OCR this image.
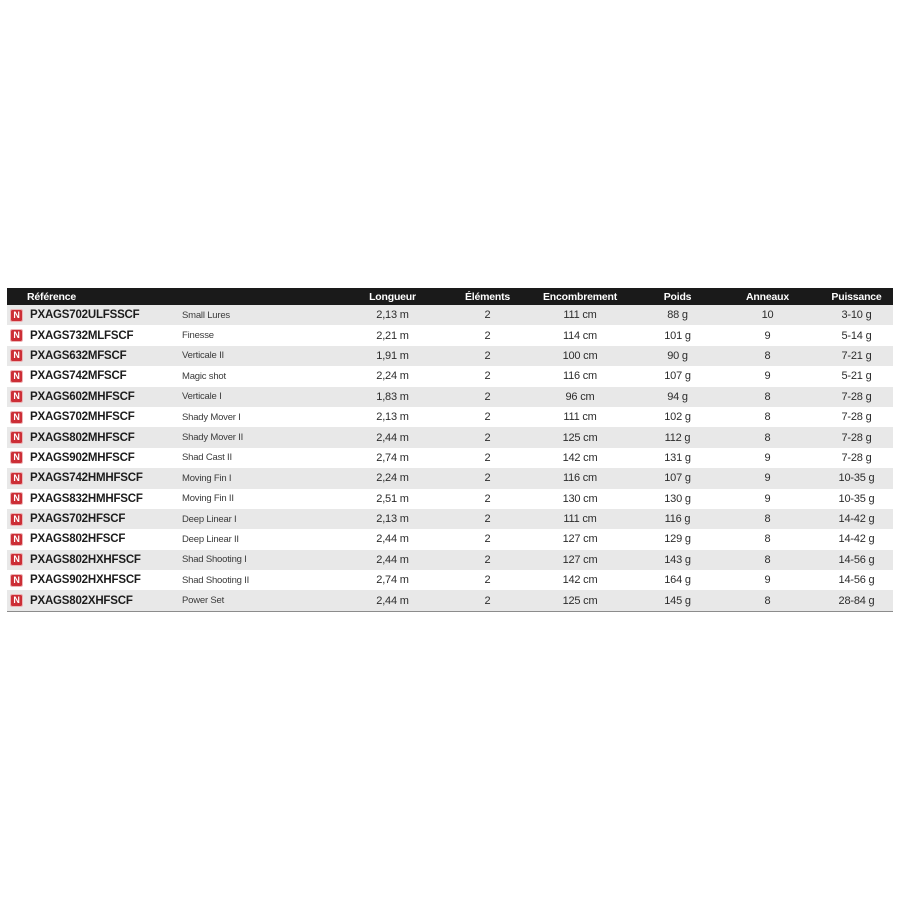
Référence	Longueur	Éléments	Encombrement	Poids	Anneaux	Puissance
N PXAGS702ULFSSCF	Small Lures	2,13 m	2	111 cm	88 g	10	3-10 g
N PXAGS732MLFSCF	Finesse	2,21 m	2	114 cm	101 g	9	5-14 g
N PXAGS632MFSCF	Verticale II	1,91 m	2	100 cm	90 g	8	7-21 g
N PXAGS742MFSCF	Magic shot	2,24 m	2	116 cm	107 g	9	5-21 g
N PXAGS602MHFSCF	Verticale I	1,83 m	2	96 cm	94 g	8	7-28 g
N PXAGS702MHFSCF	Shady Mover I	2,13 m	2	111 cm	102 g	8	7-28 g
N PXAGS802MHFSCF	Shady Mover II	2,44 m	2	125 cm	112 g	8	7-28 g
N PXAGS902MHFSCF	Shad Cast II	2,74 m	2	142 cm	131 g	9	7-28 g
N PXAGS742HMHFSCF	Moving Fin I	2,24 m	2	116 cm	107 g	9	10-35 g
N PXAGS832HMHFSCF	Moving Fin II	2,51 m	2	130 cm	130 g	9	10-35 g
N PXAGS702HFSCF	Deep Linear I	2,13 m	2	111 cm	116 g	8	14-42 g
N PXAGS802HFSCF	Deep Linear II	2,44 m	2	127 cm	129 g	8	14-42 g
N PXAGS802HXHFSCF	Shad Shooting I	2,44 m	2	127 cm	143 g	8	14-56 g
N PXAGS902HXHFSCF	Shad Shooting II	2,74 m	2	142 cm	164 g	9	14-56 g
N PXAGS802XHFSCF	Power Set	2,44 m	2	125 cm	145 g	8	28-84 g
